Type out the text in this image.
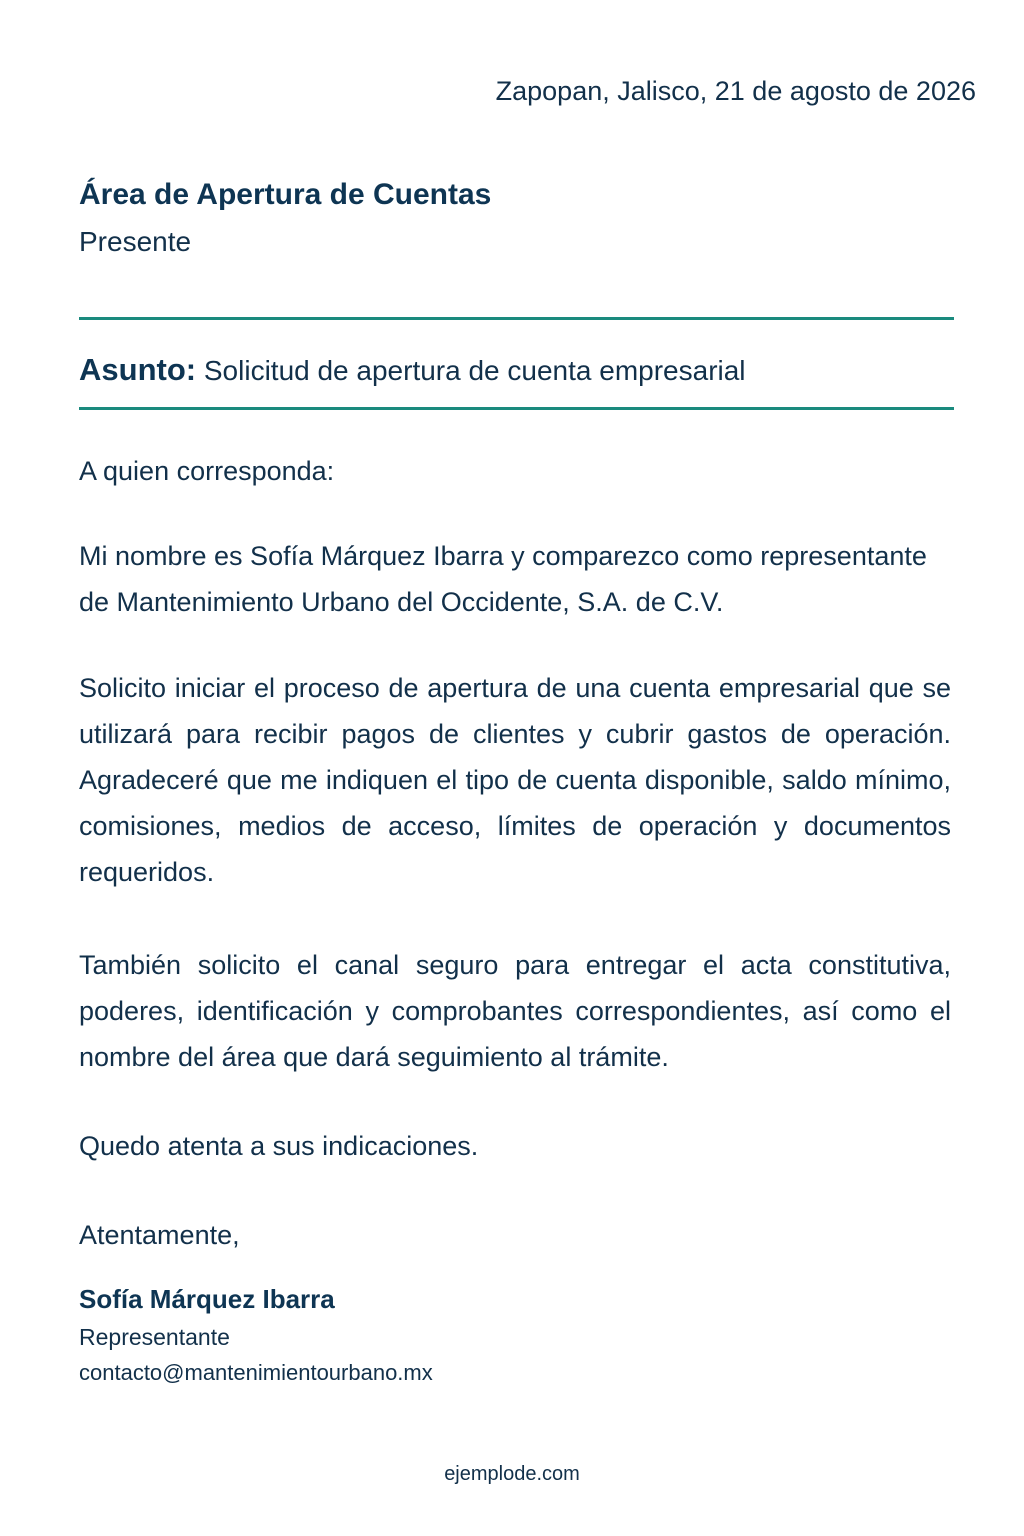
Zapopan, Jalisco, 21 de agosto de 2026
Área de Apertura de Cuentas
Presente
Asunto: Solicitud de apertura de cuenta empresarial
A quien corresponda:
Mi nombre es Sofía Márquez Ibarra y comparezco como representante de Mantenimiento Urbano del Occidente, S.A. de C.V.
Solicito iniciar el proceso de apertura de una cuenta empresarial que se utilizará para recibir pagos de clientes y cubrir gastos de operación. Agradeceré que me indiquen el tipo de cuenta disponible, saldo mínimo, comisiones, medios de acceso, límites de operación y documentos requeridos.
También solicito el canal seguro para entregar el acta constitutiva, poderes, identificación y comprobantes correspondientes, así como el nombre del área que dará seguimiento al trámite.
Quedo atenta a sus indicaciones.
Atentamente,
Sofía Márquez Ibarra
Representante
contacto@mantenimientourbano.mx
ejemplode.com
